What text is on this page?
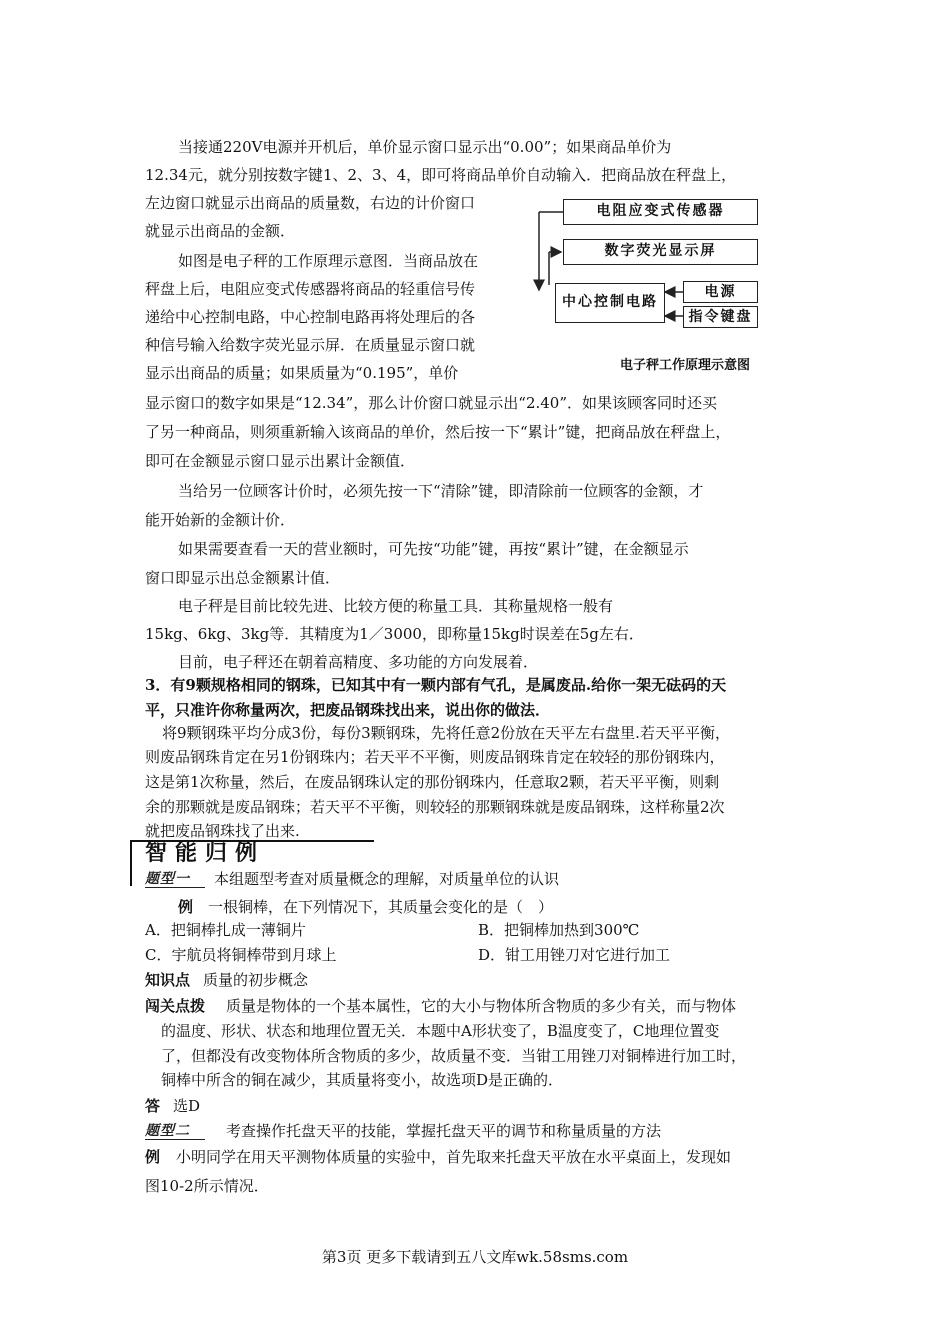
当接通220V电源并开机后，单价显示窗口显示出“0.00”；如果商品单价为
12.34元，就分别按数字键1、2、3、4，即可将商品单价自动输入．把商品放在秤盘上，
左边窗口就显示出商品的质量数，右边的计价窗口
就显示出商品的金额．
如图是电子秤的工作原理示意图．当商品放在
秤盘上后，电阻应变式传感器将商品的轻重信号传
递给中心控制电路，中心控制电路再将处理后的各
种信号输入给数字荧光显示屏．在质量显示窗口就
显示出商品的质量；如果质量为“0.195”，单价
显示窗口的数字如果是“12.34”，那么计价窗口就显示出“2.40”．如果该顾客同时还买
了另一种商品，则须重新输入该商品的单价，然后按一下“累计”键，把商品放在秤盘上，
即可在金额显示窗口显示出累计金额值．
当给另一位顾客计价时，必须先按一下“清除”键，即清除前一位顾客的金额，才
能开始新的金额计价．
如果需要查看一天的营业额时，可先按“功能”键，再按“累计”键，在金额显示
窗口即显示出总金额累计值．
电子秤是目前比较先进、比较方便的称量工具．其称量规格一般有
15kg、6kg、3kg等．其精度为1／3000，即称量15kg时误差在5g左右．
目前，电子秤还在朝着高精度、多功能的方向发展着．
3．有9颗规格相同的钢珠，已知其中有一颗内部有气孔，是属废品.给你一架无砝码的天
平，只准许你称量两次，把废品钢珠找出来，说出你的做法．
将9颗钢珠平均分成3份，每份3颗钢珠，先将任意2份放在天平左右盘里.若天平平衡，
则废品钢珠肯定在另1份钢珠内；若天平不平衡，则废品钢珠肯定在较轻的那份钢珠内，
这是第1次称量，然后，在废品钢珠认定的那份钢珠内，任意取2颗，若天平平衡，则剩
余的那颗就是废品钢珠；若天平不平衡，则较轻的那颗钢珠就是废品钢珠，这样称量2次
就把废品钢珠找了出来.
电阻应变式传感器
数字荧光显示屏
中心控制电路
电源
指令键盘
电子秤工作原理示意图
智能归例
题型一	本组题型考查对质量概念的理解，对质量单位的认识
例 一根铜棒，在下列情况下，其质量会变化的是（　）
A．把铜棒扎成一薄铜片	B．把铜棒加热到300℃
C．宇航员将铜棒带到月球上	D．钳工用锉刀对它进行加工
知识点 质量的初步概念
闯关点拨 质量是物体的一个基本属性，它的大小与物体所含物质的多少有关，而与物体
的温度、形状、状态和地理位置无关．本题中A形状变了，B温度变了，C地理位置变
了，但都没有改变物体所含物质的多少，故质量不变．当钳工用锉刀对铜棒进行加工时，
铜棒中所含的铜在减少，其质量将变小，故选项D是正确的．
答 选D
题型二	考查操作托盘天平的技能，掌握托盘天平的调节和称量质量的方法
例 小明同学在用天平测物体质量的实验中，首先取来托盘天平放在水平桌面上，发现如
图10-2所示情况．
第3页 更多下载请到五八文库wk.58sms.com
